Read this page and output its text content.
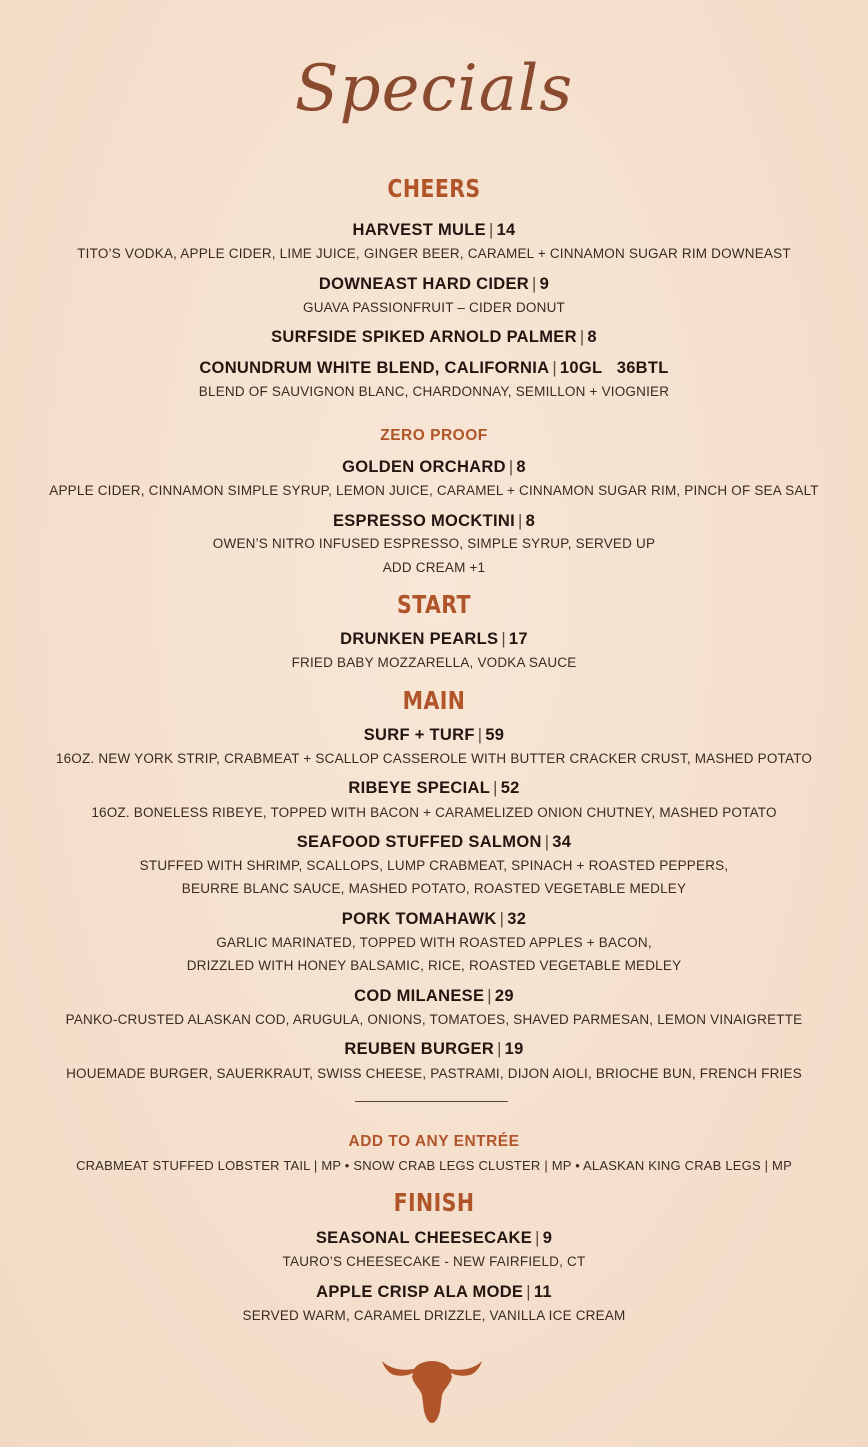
Specials
CHEERS
HARVEST MULE | 14
TITO’S VODKA, APPLE CIDER, LIME JUICE, GINGER BEER, CARAMEL + CINNAMON SUGAR RIM DOWNEAST
DOWNEAST HARD CIDER | 9
GUAVA PASSIONFRUIT – CIDER DONUT
SURFSIDE SPIKED ARNOLD PALMER | 8
CONUNDRUM WHITE BLEND, CALIFORNIA | 10GL   36BTL
BLEND OF SAUVIGNON BLANC, CHARDONNAY, SEMILLON + VIOGNIER
ZERO PROOF
GOLDEN ORCHARD | 8
APPLE CIDER, CINNAMON SIMPLE SYRUP, LEMON JUICE, CARAMEL + CINNAMON SUGAR RIM, PINCH OF SEA SALT
ESPRESSO MOCKTINI | 8
OWEN’S NITRO INFUSED ESPRESSO, SIMPLE SYRUP, SERVED UP
ADD CREAM +1
START
DRUNKEN PEARLS | 17
FRIED BABY MOZZARELLA, VODKA SAUCE
MAIN
SURF + TURF | 59
16OZ. NEW YORK STRIP, CRABMEAT + SCALLOP CASSEROLE WITH BUTTER CRACKER CRUST, MASHED POTATO
RIBEYE SPECIAL | 52
16OZ. BONELESS RIBEYE, TOPPED WITH BACON + CARAMELIZED ONION CHUTNEY, MASHED POTATO
SEAFOOD STUFFED SALMON | 34
STUFFED WITH SHRIMP, SCALLOPS, LUMP CRABMEAT, SPINACH + ROASTED PEPPERS,
BEURRE BLANC SAUCE, MASHED POTATO, ROASTED VEGETABLE MEDLEY
PORK TOMAHAWK | 32
GARLIC MARINATED, TOPPED WITH ROASTED APPLES + BACON,
DRIZZLED WITH HONEY BALSAMIC, RICE, ROASTED VEGETABLE MEDLEY
COD MILANESE | 29
PANKO-CRUSTED ALASKAN COD, ARUGULA, ONIONS, TOMATOES, SHAVED PARMESAN, LEMON VINAIGRETTE
REUBEN BURGER | 19
HOUEMADE BURGER, SAUERKRAUT, SWISS CHEESE, PASTRAMI, DIJON AIOLI, BRIOCHE BUN, FRENCH FRIES
ADD TO ANY ENTRÉE
CRABMEAT STUFFED LOBSTER TAIL | MP • SNOW CRAB LEGS CLUSTER | MP • ALASKAN KING CRAB LEGS | MP
FINISH
SEASONAL CHEESECAKE | 9
TAURO’S CHEESECAKE - NEW FAIRFIELD, CT
APPLE CRISP ALA MODE | 11
SERVED WARM, CARAMEL DRIZZLE, VANILLA ICE CREAM
